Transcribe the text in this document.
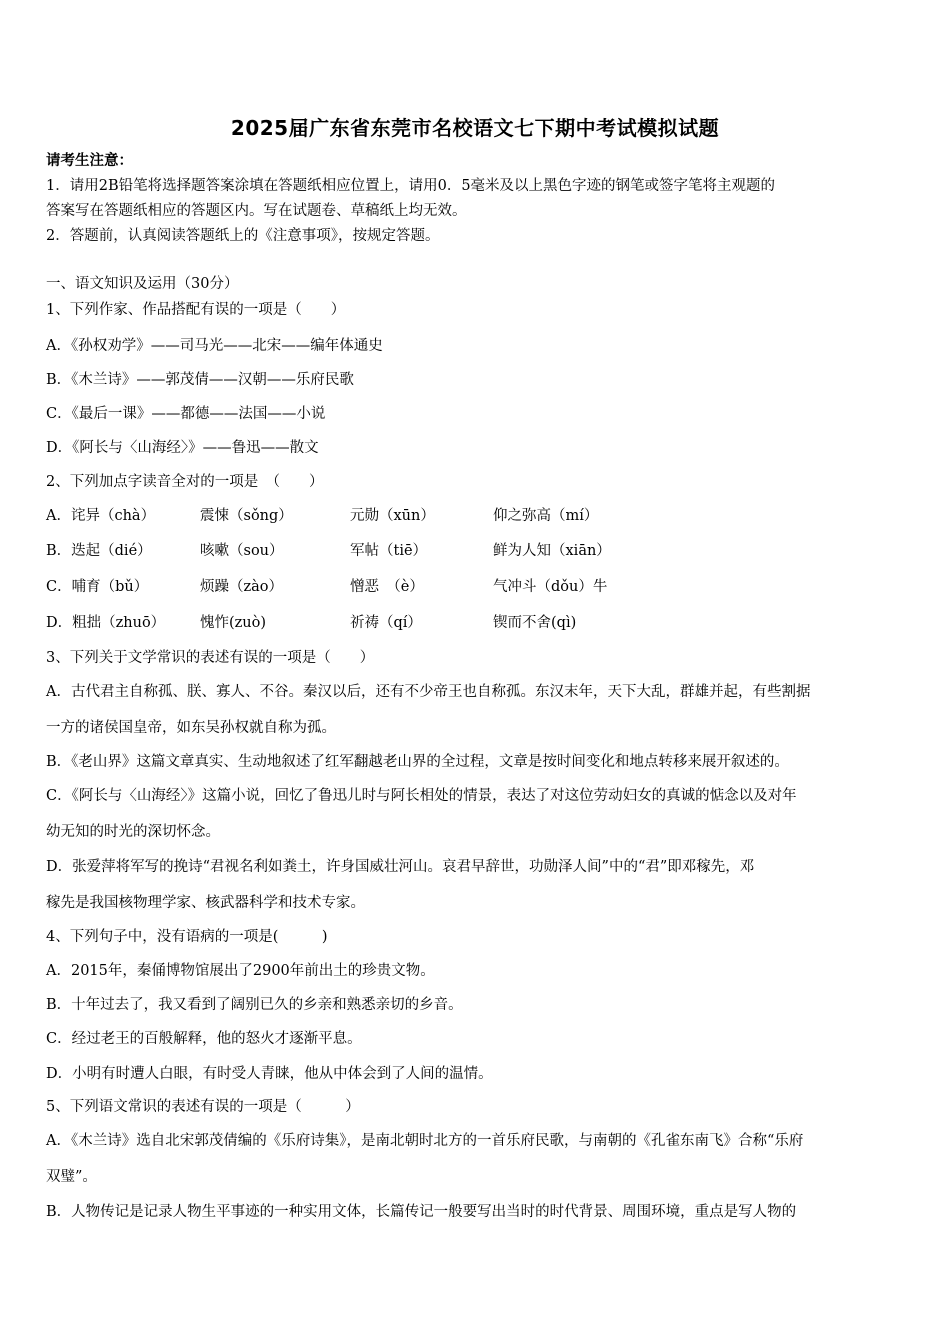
2025届广东省东莞市名校语文七下期中考试模拟试题
请考生注意：
1．请用2B铅笔将选择题答案涂填在答题纸相应位置上，请用0．5毫米及以上黑色字迹的钢笔或签字笔将主观题的
答案写在答题纸相应的答题区内。写在试题卷、草稿纸上均无效。
2．答题前，认真阅读答题纸上的《注意事项》，按规定答题。
一、语文知识及运用（30分）
1、下列作家、作品搭配有误的一项是（　　）
A．《孙权劝学》——司马光——北宋——编年体通史
B．《木兰诗》——郭茂倩——汉朝——乐府民歌
C．《最后一课》——都德——法国——小说
D．《阿长与〈山海经〉》——鲁迅——散文
2、下列加点字读音全对的一项是　（　　）
A．诧异（chà）	震悚（sǒng）	元勋（xūn）	仰之弥高（mí）
B．迭起（dié）	咳嗽（sou）	军帖（tiē）	鲜为人知（xiān）
C．哺育（bǔ）	烦躁（zào）	憎恶　（è）	气冲斗（dǒu）牛
D．粗拙（zhuō） 愧怍(zuò)	祈祷（qí）	锲而不舍(qì)
3、下列关于文学常识的表述有误的一项是（　　）
A．古代君主自称孤、朕、寡人、不谷。秦汉以后，还有不少帝王也自称孤。东汉末年，天下大乱，群雄并起，有些割据
一方的诸侯国皇帝，如东吴孙权就自称为孤。
B．《老山界》这篇文章真实、生动地叙述了红军翻越老山界的全过程，文章是按时间变化和地点转移来展开叙述的。
C．《阿长与〈山海经〉》这篇小说，回忆了鲁迅儿时与阿长相处的情景，表达了对这位劳动妇女的真诚的惦念以及对年
幼无知的时光的深切怀念。
D．张爱萍将军写的挽诗“君视名利如粪土，许身国威壮河山。哀君早辞世，功勋泽人间”中的“君”即邓稼先，邓
稼先是我国核物理学家、核武器科学和技术专家。
4、下列句子中，没有语病的一项是(　　　)
A．2015年，秦俑博物馆展出了2900年前出土的珍贵文物。
B．十年过去了，我又看到了阔别已久的乡亲和熟悉亲切的乡音。
C．经过老王的百般解释，他的怒火才逐渐平息。
D．小明有时遭人白眼，有时受人青睐，他从中体会到了人间的温情。
5、下列语文常识的表述有误的一项是（　　　）
A．《木兰诗》选自北宋郭茂倩编的《乐府诗集》，是南北朝时北方的一首乐府民歌，与南朝的《孔雀东南飞》合称“乐府
双璧”。
B．人物传记是记录人物生平事迹的一种实用文体，长篇传记一般要写出当时的时代背景、周围环境，重点是写人物的
